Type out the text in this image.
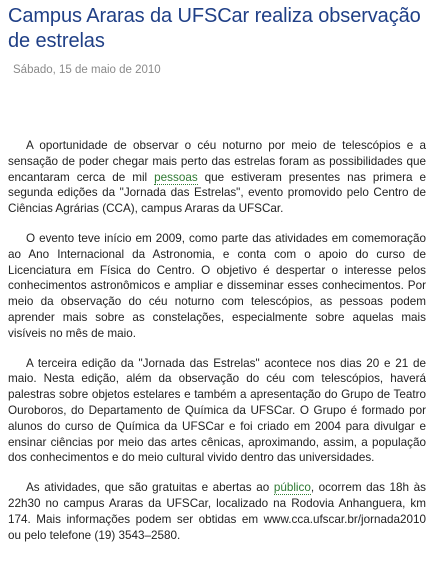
Campus Araras da UFSCar realiza observação de estrelas
Sábado, 15 de maio de 2010

A oportunidade de observar o céu noturno por meio de telescópios e a sensação de poder chegar mais perto das estrelas foram as possibilidades que encantaram cerca de mil pessoas que estiveram presentes nas primera e segunda edições da "Jornada das Estrelas", evento promovido pelo Centro de Ciências Agrárias (CCA), campus Araras da UFSCar.

O evento teve início em 2009, como parte das atividades em comemoração ao Ano Internacional da Astronomia, e conta com o apoio do curso de Licenciatura em Física do Centro. O objetivo é despertar o interesse pelos conhecimentos astronômicos e ampliar e disseminar esses conhecimentos. Por meio da observação do céu noturno com telescópios, as pessoas podem aprender mais sobre as constelações, especialmente sobre aquelas mais visíveis no mês de maio.

A terceira edição da "Jornada das Estrelas" acontece nos dias 20 e 21 de maio. Nesta edição, além da observação do céu com telescópios, haverá palestras sobre objetos estelares e também a apresentação do Grupo de Teatro Ouroboros, do Departamento de Química da UFSCar. O Grupo é formado por alunos do curso de Química da UFSCar e foi criado em 2004 para divulgar e ensinar ciências por meio das artes cênicas, aproximando, assim, a população dos conhecimentos e do meio cultural vivido dentro das universidades.

As atividades, que são gratuitas e abertas ao público, ocorrem das 18h às 22h30 no campus Araras da UFSCar, localizado na Rodovia Anhanguera, km 174. Mais informações podem ser obtidas em www.cca.ufscar.br/jornada2010 ou pelo telefone (19) 3543–2580.
